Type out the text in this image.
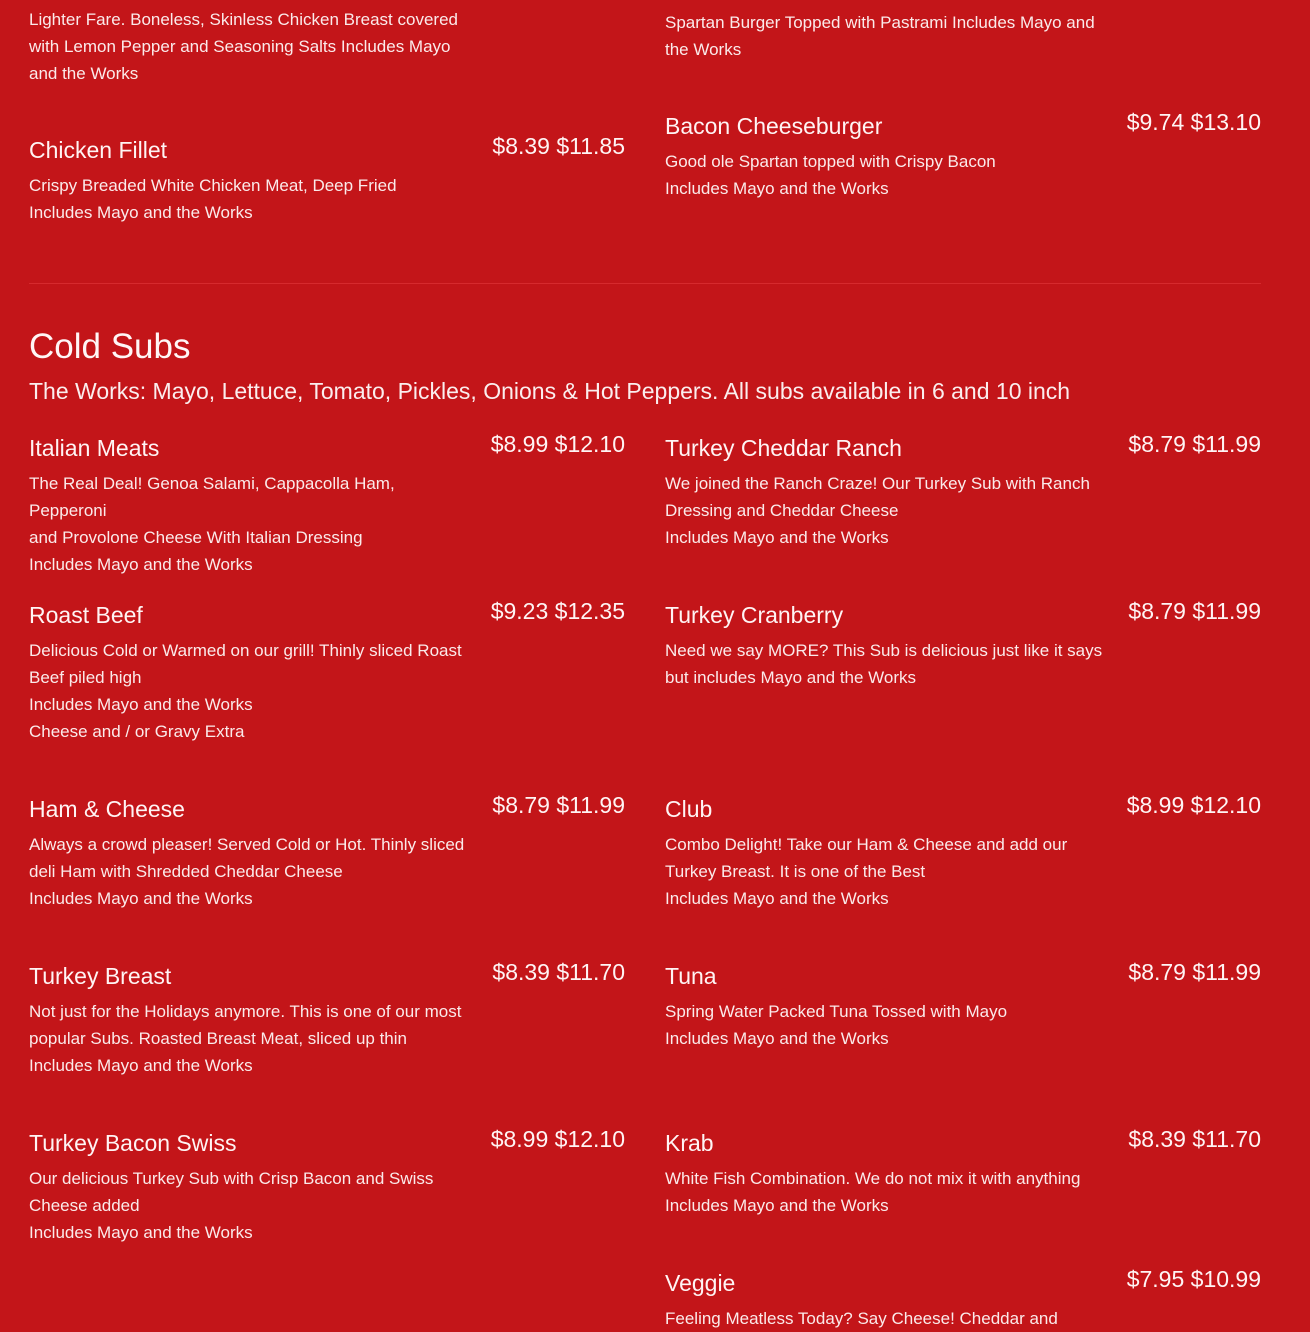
Lighter Fare. Boneless, Skinless Chicken Breast covered with Lemon Pepper and Seasoning Salts Includes Mayo and the Works
Spartan Burger Topped with Pastrami Includes Mayo and the Works
Chicken Fillet	$8.39 $11.85
Crispy Breaded White Chicken Meat, Deep Fried
Includes Mayo and the Works
Bacon Cheeseburger	$9.74 $13.10
Good ole Spartan topped with Crispy Bacon
Includes Mayo and the Works
Cold Subs
The Works: Mayo, Lettuce, Tomato, Pickles, Onions & Hot Peppers. All subs available in 6 and 10 inch
Italian Meats	$8.99 $12.10
The Real Deal! Genoa Salami, Cappacolla Ham, Pepperoni
and Provolone Cheese With Italian Dressing
Includes Mayo and the Works
Turkey Cheddar Ranch	$8.79 $11.99
We joined the Ranch Craze! Our Turkey Sub with Ranch
Dressing and Cheddar Cheese
Includes Mayo and the Works
Roast Beef	$9.23 $12.35
Delicious Cold or Warmed on our grill! Thinly sliced Roast
Beef piled high
Includes Mayo and the Works
Cheese and / or Gravy Extra
Turkey Cranberry	$8.79 $11.99
Need we say MORE? This Sub is delicious just like it says
but includes Mayo and the Works
Ham & Cheese	$8.79 $11.99
Always a crowd pleaser! Served Cold or Hot. Thinly sliced
deli Ham with Shredded Cheddar Cheese
Includes Mayo and the Works
Club	$8.99 $12.10
Combo Delight! Take our Ham & Cheese and add our
Turkey Breast. It is one of the Best
Includes Mayo and the Works
Turkey Breast	$8.39 $11.70
Not just for the Holidays anymore. This is one of our most
popular Subs. Roasted Breast Meat, sliced up thin
Includes Mayo and the Works
Tuna	$8.79 $11.99
Spring Water Packed Tuna Tossed with Mayo
Includes Mayo and the Works
Turkey Bacon Swiss	$8.99 $12.10
Our delicious Turkey Sub with Crisp Bacon and Swiss
Cheese added
Includes Mayo and the Works
Krab	$8.39 $11.70
White Fish Combination. We do not mix it with anything
Includes Mayo and the Works
Veggie	$7.95 $10.99
Feeling Meatless Today? Say Cheese! Cheddar and
